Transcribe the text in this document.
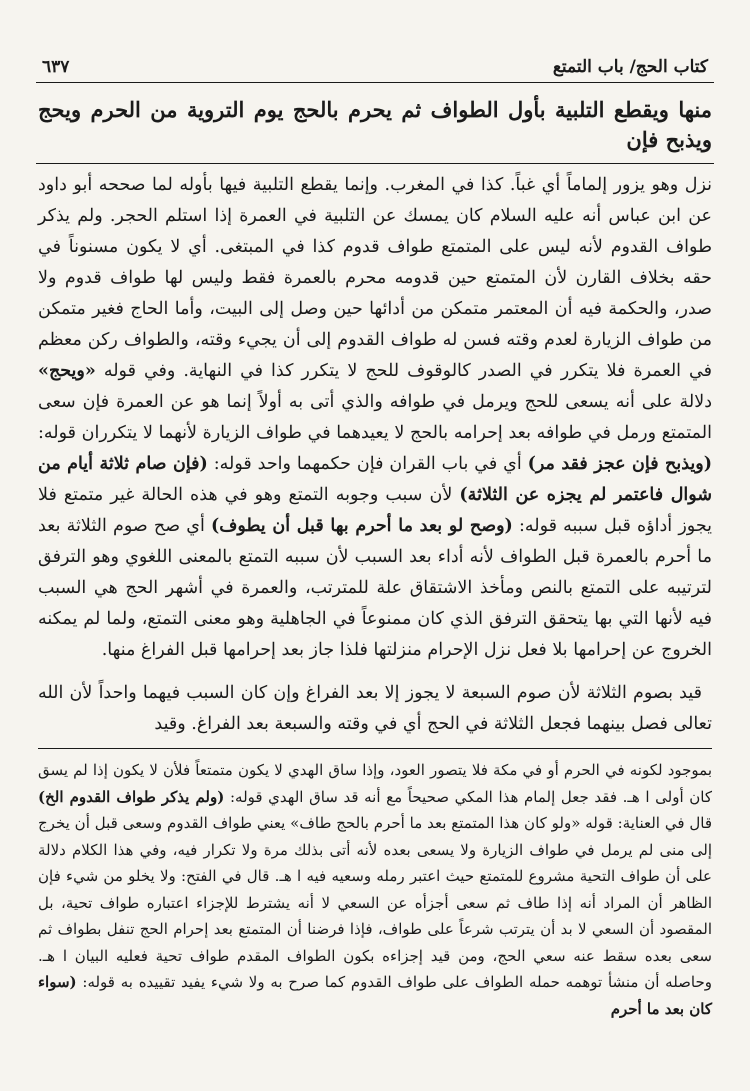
كتاب الحج/ باب التمتع
٦٣٧
منها ويقطع التلبية بأول الطواف ثم يحرم بالحج يوم التروية من الحرم ويحج ويذبح فإن

نزل وهو يزور إلماماً أي غباً. كذا في المغرب. وإنما يقطع التلبية فيها بأوله لما صححه أبو داود عن ابن عباس أنه عليه السلام كان يمسك عن التلبية في العمرة إذا استلم الحجر. ولم يذكر طواف القدوم لأنه ليس على المتمتع طواف قدوم كذا في المبتغى. أي لا يكون مسنوناً في حقه بخلاف القارن لأن المتمتع حين قدومه محرم بالعمرة فقط وليس لها طواف قدوم ولا صدر، والحكمة فيه أن المعتمر متمكن من أدائها حين وصل إلى البيت، وأما الحاج فغير متمكن من طواف الزيارة لعدم وقته فسن له طواف القدوم إلى أن يجيء وقته، والطواف ركن معظم في العمرة فلا يتكرر في الصدر كالوقوف للحج لا يتكرر كذا في النهاية. وفي قوله «ويحج» دلالة على أنه يسعى للحج ويرمل في طوافه والذي أتى به أولاً إنما هو عن العمرة فإن سعى المتمتع ورمل في طوافه بعد إحرامه بالحج لا يعيدهما في طواف الزيارة لأنهما لا يتكرران قوله: (ويذبح فإن عجز فقد مر) أي في باب القران فإن حكمهما واحد قوله: (فإن صام ثلاثة أيام من شوال فاعتمر لم يجزه عن الثلاثة) لأن سبب وجوبه التمتع وهو في هذه الحالة غير متمتع فلا يجوز أداؤه قبل سببه قوله: (وصح لو بعد ما أحرم بها قبل أن يطوف) أي صح صوم الثلاثة بعد ما أحرم بالعمرة قبل الطواف لأنه أداء بعد السبب لأن سببه التمتع بالمعنى اللغوي وهو الترفق لترتيبه على التمتع بالنص ومأخذ الاشتقاق علة للمترتب، والعمرة في أشهر الحج هي السبب فيه لأنها التي بها يتحقق الترفق الذي كان ممنوعاً في الجاهلية وهو معنى التمتع، ولما لم يمكنه الخروج عن إحرامها بلا فعل نزل الإحرام منزلتها فلذا جاز بعد إحرامها قبل الفراغ منها.

قيد بصوم الثلاثة لأن صوم السبعة لا يجوز إلا بعد الفراغ وإن كان السبب فيهما واحداً لأن الله تعالى فصل بينهما فجعل الثلاثة في الحج أي في وقته والسبعة بعد الفراغ. وقيد

بموجود لكونه في الحرم أو في مكة فلا يتصور العود، وإذا ساق الهدي لا يكون متمتعاً فلأن لا يكون إذا لم يسق كان أولى ا هـ. فقد جعل إلمام هذا المكي صحيحاً مع أنه قد ساق الهدي قوله: (ولم يذكر طواف القدوم الخ) قال في العناية: قوله «ولو كان هذا المتمتع بعد ما أحرم بالحج طاف» يعني طواف القدوم وسعى قبل أن يخرج إلى منى لم يرمل في طواف الزيارة ولا يسعى بعده لأنه أتى بذلك مرة ولا تكرار فيه، وفي هذا الكلام دلالة على أن طواف التحية مشروع للمتمتع حيث اعتبر رمله وسعيه فيه ا هـ. قال في الفتح: ولا يخلو من شيء فإن الظاهر أن المراد أنه إذا طاف ثم سعى أجزأه عن السعي لا أنه يشترط للإجزاء اعتباره طواف تحية، بل المقصود أن السعي لا بد أن يترتب شرعاً على طواف، فإذا فرضنا أن المتمتع بعد إحرام الحج تنفل بطواف ثم سعى بعده سقط عنه سعي الحج، ومن قيد إجزاءه بكون الطواف المقدم طواف تحية فعليه البيان ا هـ. وحاصله أن منشأ توهمه حمله الطواف على طواف القدوم كما صرح به ولا شيء يفيد تقييده به قوله: (سواء كان بعد ما أحرم
